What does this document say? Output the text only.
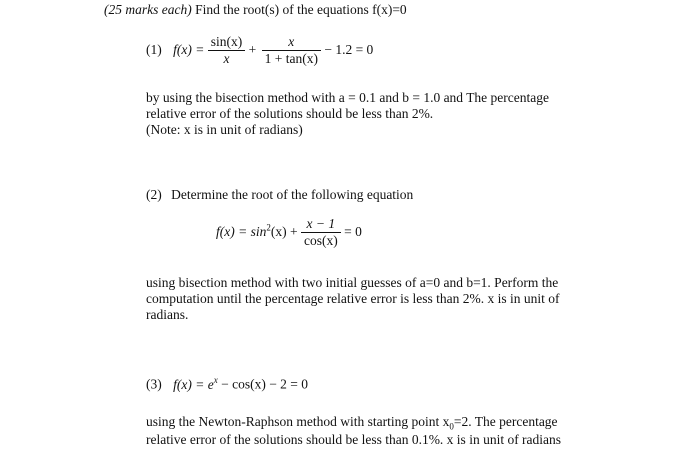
(25 marks each) Find the root(s) of the equations f(x)=0
(1) $f(x) = \frac{\sin(x)}{x} + \frac{x}{1 + \tan(x)} - 1.2 = 0$
by using the bisection method with a = 0.1 and b = 1.0 and The percentage
relative error of the solutions should be less than 2%.
(Note: x is in unit of radians)
(2) Determine the root of the following equation
$f(x) = \sin^2(x) + \frac{x - 1}{\cos(x)} = 0$
using bisection method with two initial guesses of a=0 and b=1. Perform the
computation until the percentage relative error is less than 2%. x is in unit of
radians.
(3) $f(x) = e^x - \cos(x) - 2 = 0$
using the Newton-Raphson method with starting point $x_0=2$. The percentage
relative error of the solutions should be less than 0.1%. x is in unit of radians
